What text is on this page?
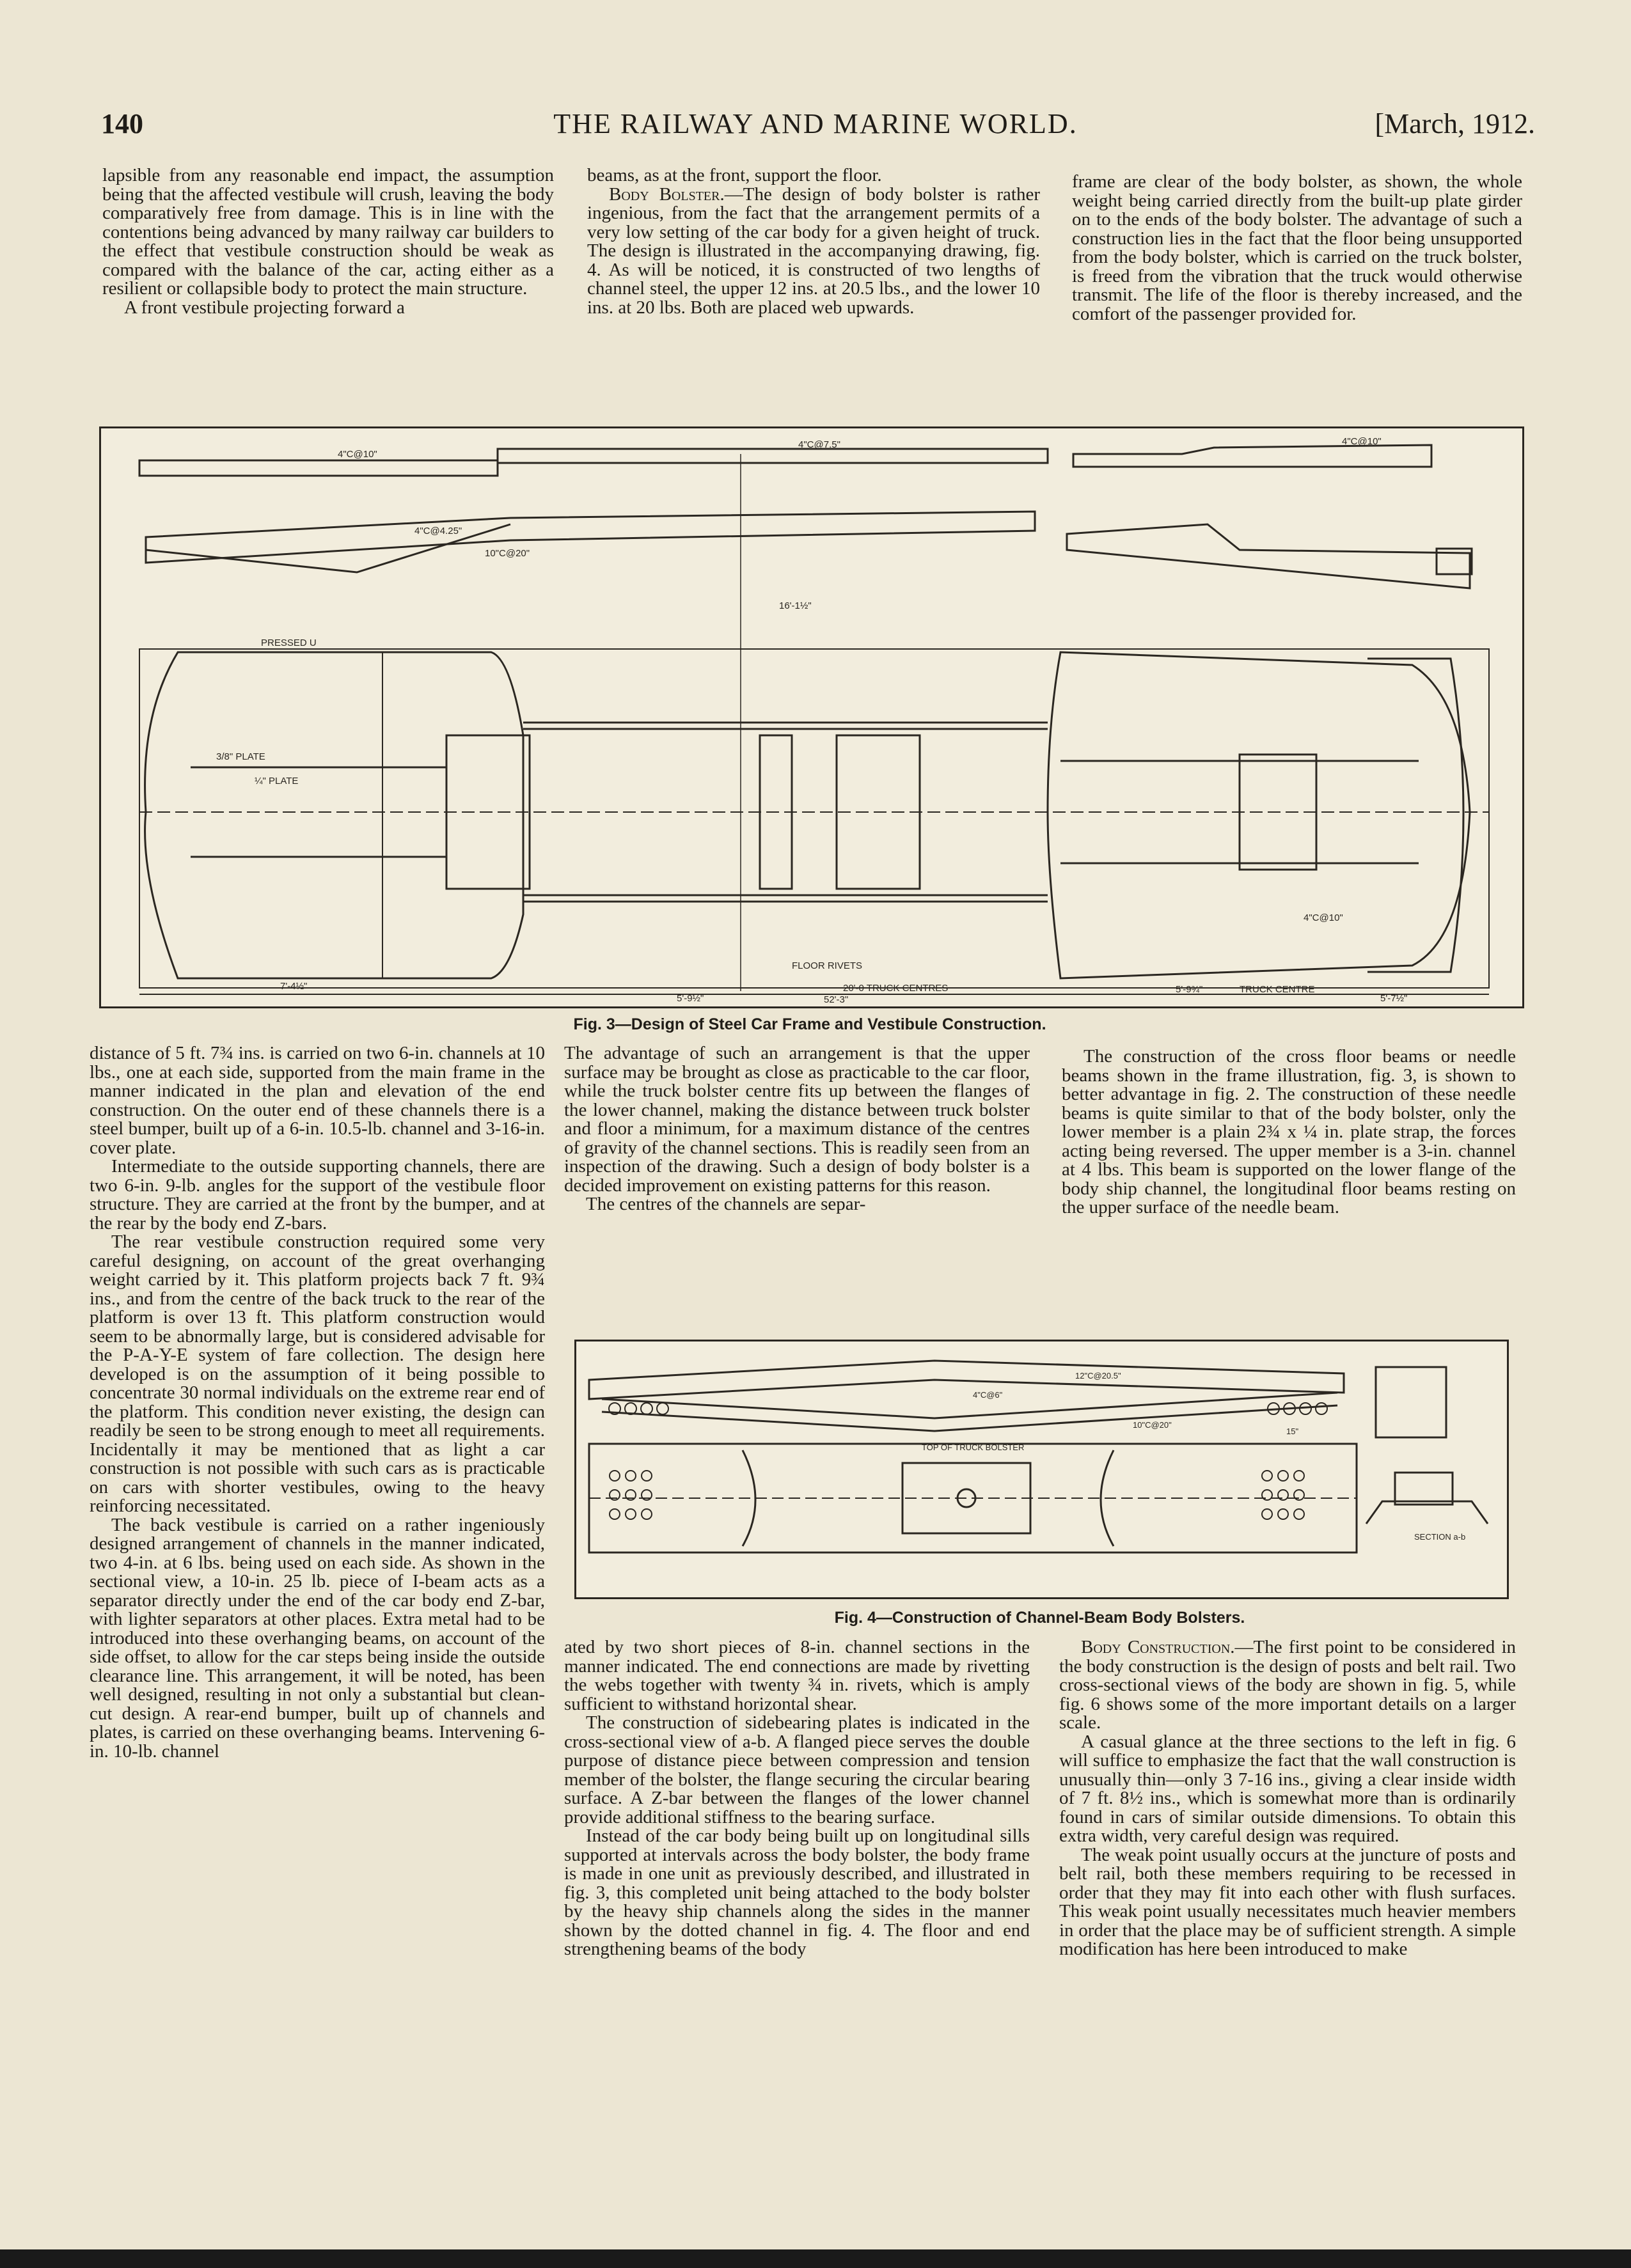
140	THE RAILWAY AND MARINE WORLD.	[March, 1912.

lapsible from any reasonable end impact, the assumption being that the affected vestibule will crush, leaving the body comparatively free from damage. This is in line with the contentions being advanced by many railway car builders to the effect that vestibule construction should be weak as compared with the balance of the car, acting either as a resilient or collapsible body to protect the main structure.

A front vestibule projecting forward a

beams, as at the front, support the floor.

Body Bolster.—The design of body bolster is rather ingenious, from the fact that the arrangement permits of a very low setting of the car body for a given height of truck. The design is illustrated in the accompanying drawing, fig. 4. As will be noticed, it is constructed of two lengths of channel steel, the upper 12 ins. at 20.5 lbs., and the lower 10 ins. at 20 lbs. Both are placed web upwards.

frame are clear of the body bolster, as shown, the whole weight being carried directly from the built-up plate girder on to the ends of the body bolster. The advantage of such a construction lies in the fact that the floor being unsupported from the body bolster, which is carried on the truck bolster, is freed from the vibration that the truck would otherwise transmit. The life of the floor is thereby increased, and the comfort of the passenger provided for.

4"C@10"
4"C@7.5"	4"C@10"
4"C@4.25"
10"C@20"
PRESSED U
16'-1½"
5'-9½"
20'-0 TRUCK CENTRES
52'-3"	5'-7½"
FLOOR RIVETS
3/8" PLATE
¼" PLATE
4"C@10"
TRUCK CENTRE
5'-9¾"
7'-4½"
Fig. 3—Design of Steel Car Frame and Vestibule Construction.

distance of 5 ft. 7¾ ins. is carried on two 6-in. channels at 10 lbs., one at each side, supported from the main frame in the manner indicated in the plan and elevation of the end construction. On the outer end of these channels there is a steel bumper, built up of a 6-in. 10.5-lb. channel and 3-16-in. cover plate.

Intermediate to the outside supporting channels, there are two 6-in. 9-lb. angles for the support of the vestibule floor structure. They are carried at the front by the bumper, and at the rear by the body end Z-bars.

The rear vestibule construction required some very careful designing, on account of the great overhanging weight carried by it. This platform projects back 7 ft. 9¾ ins., and from the centre of the back truck to the rear of the platform is over 13 ft. This platform construction would seem to be abnormally large, but is considered advisable for the P-A-Y-E system of fare collection. The design here developed is on the assumption of it being possible to concentrate 30 normal individuals on the extreme rear end of the platform. This condition never existing, the design can readily be seen to be strong enough to meet all requirements. Incidentally it may be mentioned that as light a car construction is not possible with such cars as is practicable on cars with shorter vestibules, owing to the heavy reinforcing necessitated.

The back vestibule is carried on a rather ingeniously designed arrangement of channels in the manner indicated, two 4-in. at 6 lbs. being used on each side. As shown in the sectional view, a 10-in. 25 lb. piece of I-beam acts as a separator directly under the end of the car body end Z-bar, with lighter separators at other places. Extra metal had to be introduced into these overhanging beams, on account of the side offset, to allow for the car steps being inside the outside clearance line. This arrangement, it will be noted, has been well designed, resulting in not only a substantial but clean-cut design. A rear-end bumper, built up of channels and plates, is carried on these overhanging beams. Intervening 6-in. 10-lb. channel

The advantage of such an arrangement is that the upper surface may be brought as close as practicable to the car floor, while the truck bolster centre fits up between the flanges of the lower channel, making the distance between truck bolster and floor a minimum, for a maximum distance of the centres of gravity of the channel sections. This is readily seen from an inspection of the drawing. Such a design of body bolster is a decided improvement on existing patterns for this reason.

The centres of the channels are separ-

The construction of the cross floor beams or needle beams shown in the frame illustration, fig. 3, is shown to better advantage in fig. 2. The construction of these needle beams is quite similar to that of the body bolster, only the lower member is a plain 2¾ x ¼ in. plate strap, the forces acting being reversed. The upper member is a 3-in. channel at 4 lbs. This beam is supported on the lower flange of the body ship channel, the longitudinal floor beams resting on the upper surface of the needle beam.

12"C@20.5"
10"C@20"
TOP OF TRUCK BOLSTER
SECTION a-b
15"
4"C@6"
Fig. 4—Construction of Channel-Beam Body Bolsters.

ated by two short pieces of 8-in. channel sections in the manner indicated. The end connections are made by rivetting the webs together with twenty ¾ in. rivets, which is amply sufficient to withstand horizontal shear.

The construction of sidebearing plates is indicated in the cross-sectional view of a-b. A flanged piece serves the double purpose of distance piece between compression and tension member of the bolster, the flange securing the circular bearing surface. A Z-bar between the flanges of the lower channel provide additional stiffness to the bearing surface.

Instead of the car body being built up on longitudinal sills supported at intervals across the body bolster, the body frame is made in one unit as previously described, and illustrated in fig. 3, this completed unit being attached to the body bolster by the heavy ship channels along the sides in the manner shown by the dotted channel in fig. 4. The floor and end strengthening beams of the body

Body Construction.—The first point to be considered in the body construction is the design of posts and belt rail. Two cross-sectional views of the body are shown in fig. 5, while fig. 6 shows some of the more important details on a larger scale.

A casual glance at the three sections to the left in fig. 6 will suffice to emphasize the fact that the wall construction is unusually thin—only 3 7-16 ins., giving a clear inside width of 7 ft. 8½ ins., which is somewhat more than is ordinarily found in cars of similar outside dimensions. To obtain this extra width, very careful design was required.

The weak point usually occurs at the juncture of posts and belt rail, both these members requiring to be recessed in order that they may fit into each other with flush surfaces. This weak point usually necessitates much heavier members in order that the place may be of sufficient strength. A simple modification has here been introduced to make
